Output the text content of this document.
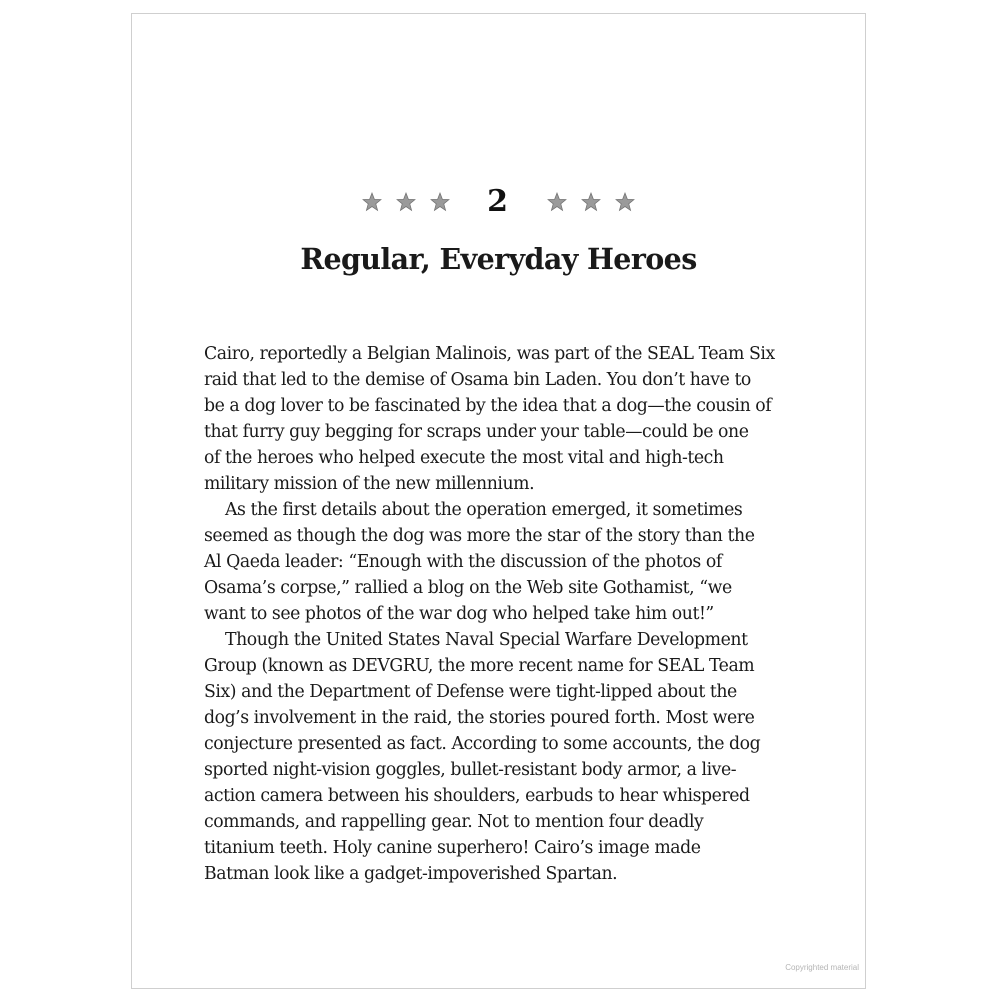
2
Regular, Everyday Heroes
Cairo, reportedly a Belgian Malinois, was part of the SEAL Team Six
raid that led to the demise of Osama bin Laden. You don’t have to
be a dog lover to be fascinated by the idea that a dog—the cousin of
that furry guy begging for scraps under your table—could be one
of the heroes who helped execute the most vital and high-tech
military mission of the new millennium.
As the first details about the operation emerged, it sometimes
seemed as though the dog was more the star of the story than the
Al Qaeda leader: “Enough with the discussion of the photos of
Osama’s corpse,” rallied a blog on the Web site Gothamist, “we
want to see photos of the war dog who helped take him out!”
Though the United States Naval Special Warfare Development
Group (known as DEVGRU, the more recent name for SEAL Team
Six) and the Department of Defense were tight-lipped about the
dog’s involvement in the raid, the stories poured forth. Most were
conjecture presented as fact. According to some accounts, the dog
sported night-vision goggles, bullet-resistant body armor, a live-
action camera between his shoulders, earbuds to hear whispered
commands, and rappelling gear. Not to mention four deadly
titanium teeth. Holy canine superhero! Cairo’s image made
Batman look like a gadget-impoverished Spartan.
Copyrighted material
